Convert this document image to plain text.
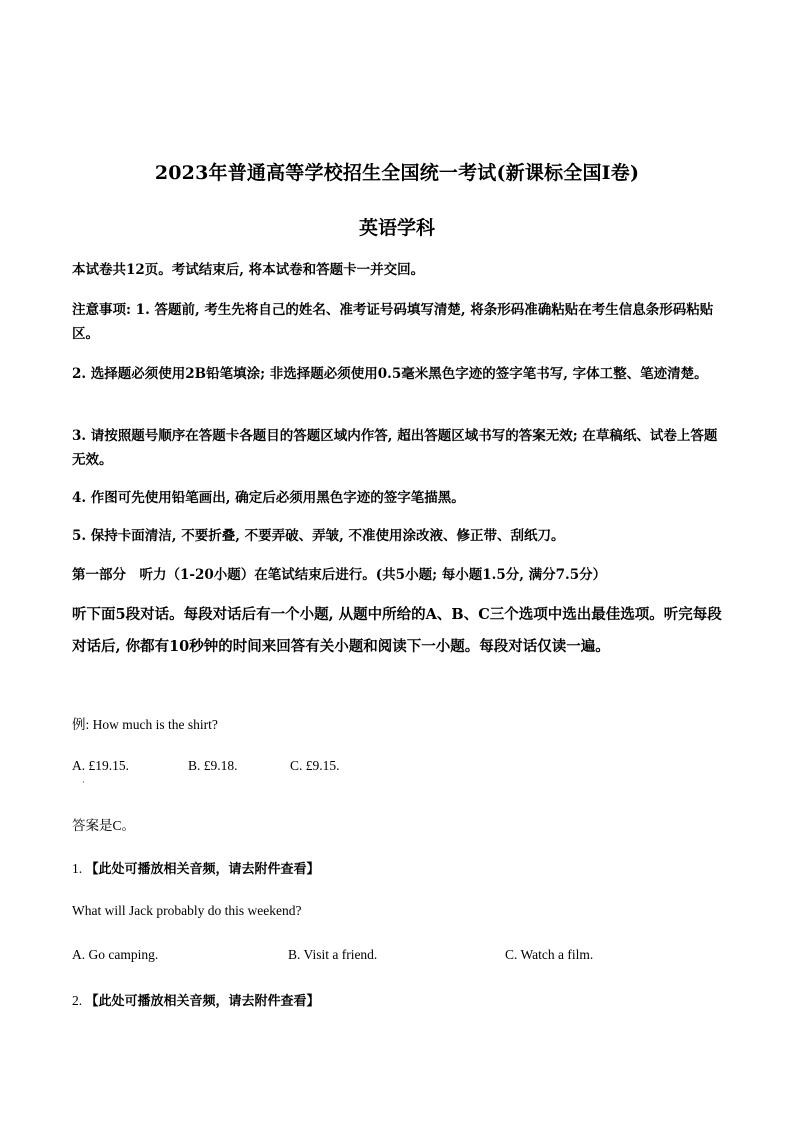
2023年普通高等学校招生全国统一考试(新课标全国Ⅰ卷)
英语学科
本试卷共12页。考试结束后, 将本试卷和答题卡一并交回。
注意事项: 1. 答题前, 考生先将自己的姓名、准考证号码填写清楚, 将条形码准确粘贴在考生信息条形码粘贴区。
2. 选择题必须使用2B铅笔填涂; 非选择题必须使用0.5毫米黑色字迹的签字笔书写, 字体工整、笔迹清楚。
3. 请按照题号顺序在答题卡各题目的答题区域内作答, 超出答题区域书写的答案无效; 在草稿纸、试卷上答题无效。
4. 作图可先使用铅笔画出, 确定后必须用黑色字迹的签字笔描黑。
5. 保持卡面清洁, 不要折叠, 不要弄破、弄皱, 不准使用涂改液、修正带、刮纸刀。
第一部分　听力（1-20小题）在笔试结束后进行。(共5小题; 每小题1.5分, 满分7.5分）
听下面5段对话。每段对话后有一个小题, 从题中所给的A、B、C三个选项中选出最佳选项。听完每段对话后, 你都有10秒钟的时间来回答有关小题和阅读下一小题。每段对话仅读一遍。
例: How much is the shirt?
A. £19.15.	B. £9.18.	C. £9.15.
·
答案是C。
1. 【此处可播放相关音频，请去附件查看】
What will Jack probably do this weekend?
A. Go camping.	B. Visit a friend.	C. Watch a film.
2. 【此处可播放相关音频，请去附件查看】
